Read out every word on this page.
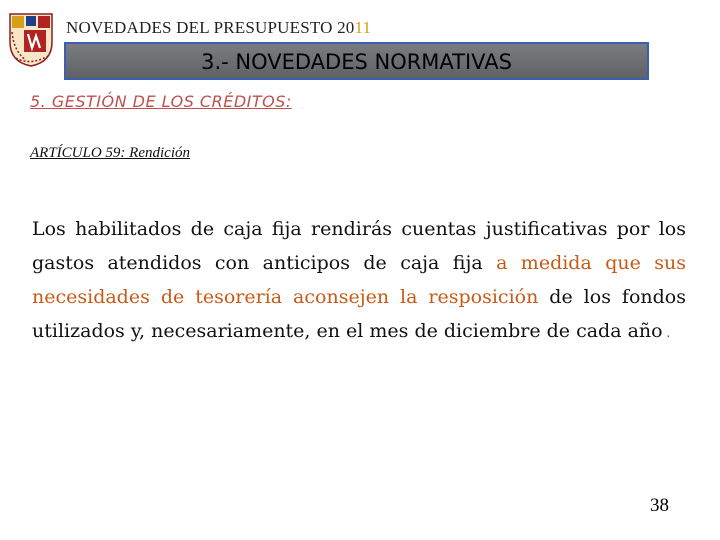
NOVEDADES DEL PRESUPUESTO 2011
3.- NOVEDADES NORMATIVAS
5. GESTIÓN DE LOS CRÉDITOS:
ARTÍCULO 59: Rendición
Los habilitados de caja fija rendirás cuentas justificativas por los gastos atendidos con anticipos de caja fija a medida que sus necesidades de tesorería aconsejen la resposición de los fondos utilizados y, necesariamente, en el mes de diciembre de cada año .
38
